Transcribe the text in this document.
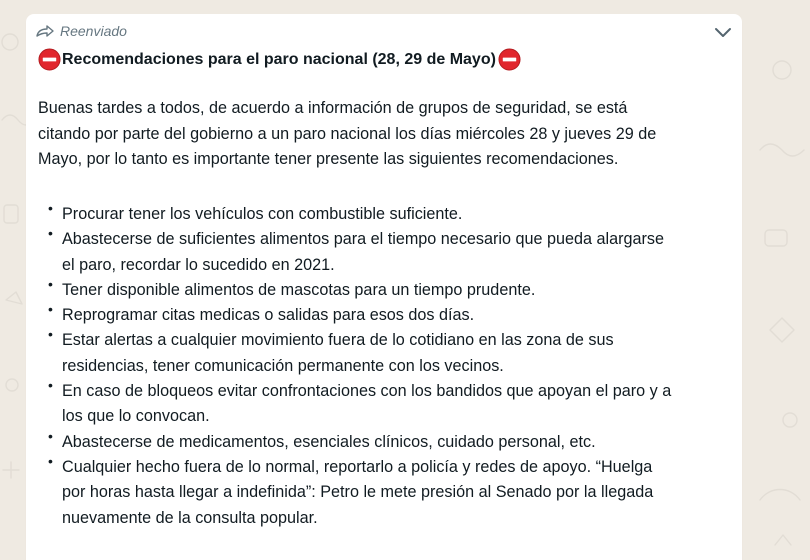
Reenviado
Recomendaciones para el paro nacional (28, 29 de Mayo)
Buenas tardes a todos, de acuerdo a información de grupos de seguridad, se está
citando por parte del gobierno a un paro nacional los días miércoles 28 y jueves 29 de
Mayo, por lo tanto es importante tener presente las siguientes recomendaciones.
• Procurar tener los vehículos con combustible suficiente.
• Abastecerse de suficientes alimentos para el tiempo necesario que pueda alargarse
el paro, recordar lo sucedido en 2021.
• Tener disponible alimentos de mascotas para un tiempo prudente.
• Reprogramar citas medicas o salidas para esos dos días.
• Estar alertas a cualquier movimiento fuera de lo cotidiano en las zona de sus
residencias, tener comunicación permanente con los vecinos.
• En caso de bloqueos evitar confrontaciones con los bandidos que apoyan el paro y a
los que lo convocan.
• Abastecerse de medicamentos, esenciales clínicos, cuidado personal, etc.
• Cualquier hecho fuera de lo normal, reportarlo a policía y redes de apoyo. “Huelga
por horas hasta llegar a indefinida”: Petro le mete presión al Senado por la llegada
nuevamente de la consulta popular.
